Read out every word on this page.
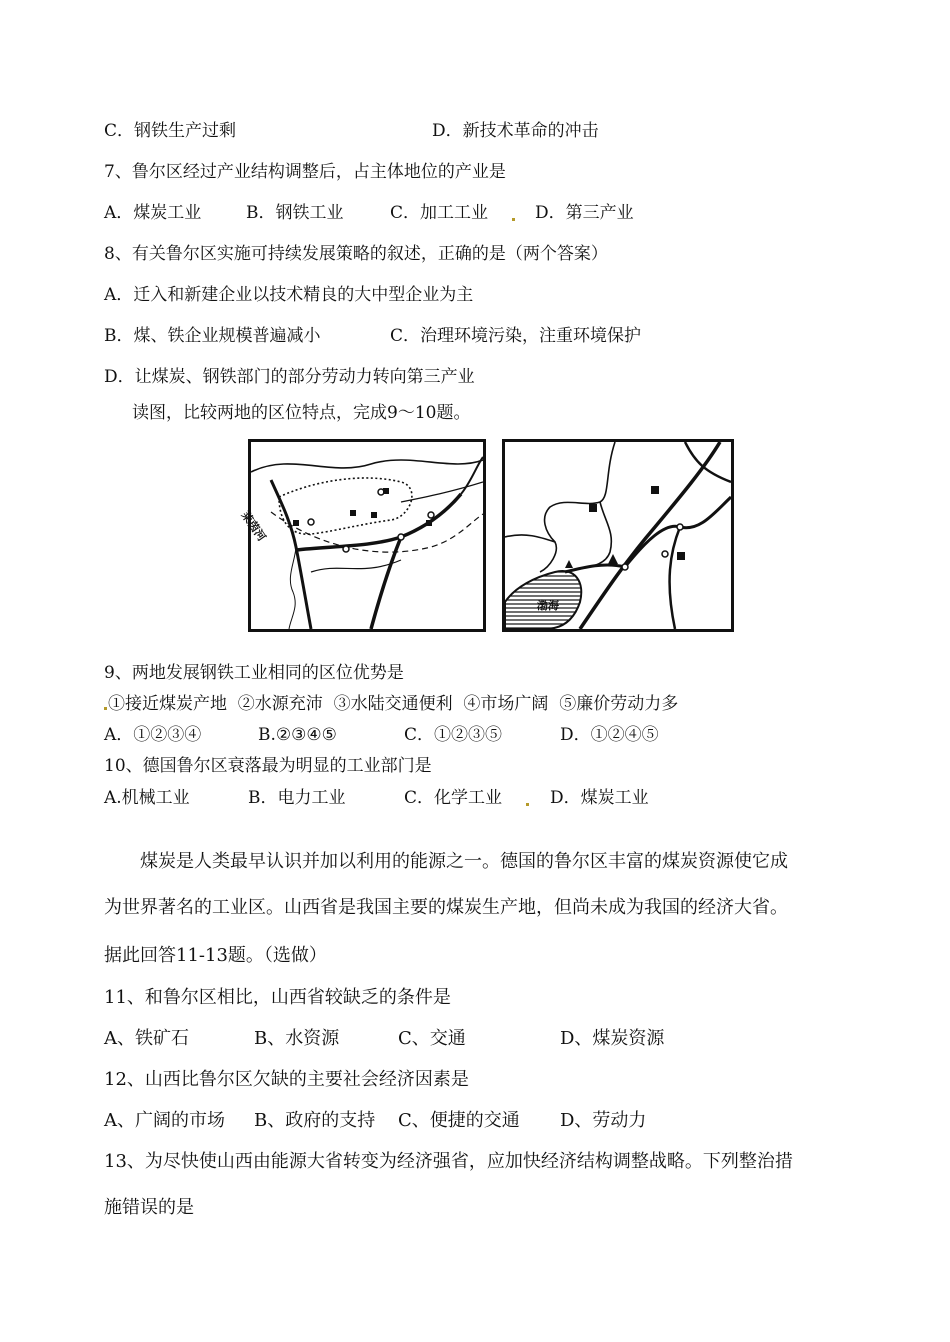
C．钢铁生产过剩	D．新技术革命的冲击
7、鲁尔区经过产业结构调整后，占主体地位的产业是
A．煤炭工业	B．钢铁工业	C．加工工业	D．第三产业
8、有关鲁尔区实施可持续发展策略的叙述，正确的是（两个答案）
A．迁入和新建企业以技术精良的大中型企业为主
B．煤、铁企业规模普遍减小	C．治理环境污染，注重环境保护
D．让煤炭、钢铁部门的部分劳动力转向第三产业
读图，比较两地的区位特点，完成9～10题。
莱茵河
渤海
9、两地发展钢铁工业相同的区位优势是
①接近煤炭产地  ②水源充沛  ③水陆交通便利  ④市场广阔  ⑤廉价劳动力多
A．①②③④	B.②③④⑤	C．①②③⑤	D．①②④⑤
10、德国鲁尔区衰落最为明显的工业部门是
A.机械工业	B．电力工业	C．化学工业	D．煤炭工业
煤炭是人类最早认识并加以利用的能源之一。德国的鲁尔区丰富的煤炭资源使它成
为世界著名的工业区。山西省是我国主要的煤炭生产地，但尚未成为我国的经济大省。
据此回答11-13题。（选做）
11、和鲁尔区相比，山西省较缺乏的条件是
A、铁矿石	B、水资源	C、交通	D、煤炭资源
12、山西比鲁尔区欠缺的主要社会经济因素是
A、广阔的市场 B、政府的支持 C、便捷的交通 D、劳动力
13、为尽快使山西由能源大省转变为经济强省，应加快经济结构调整战略。下列整治措
施错误的是
